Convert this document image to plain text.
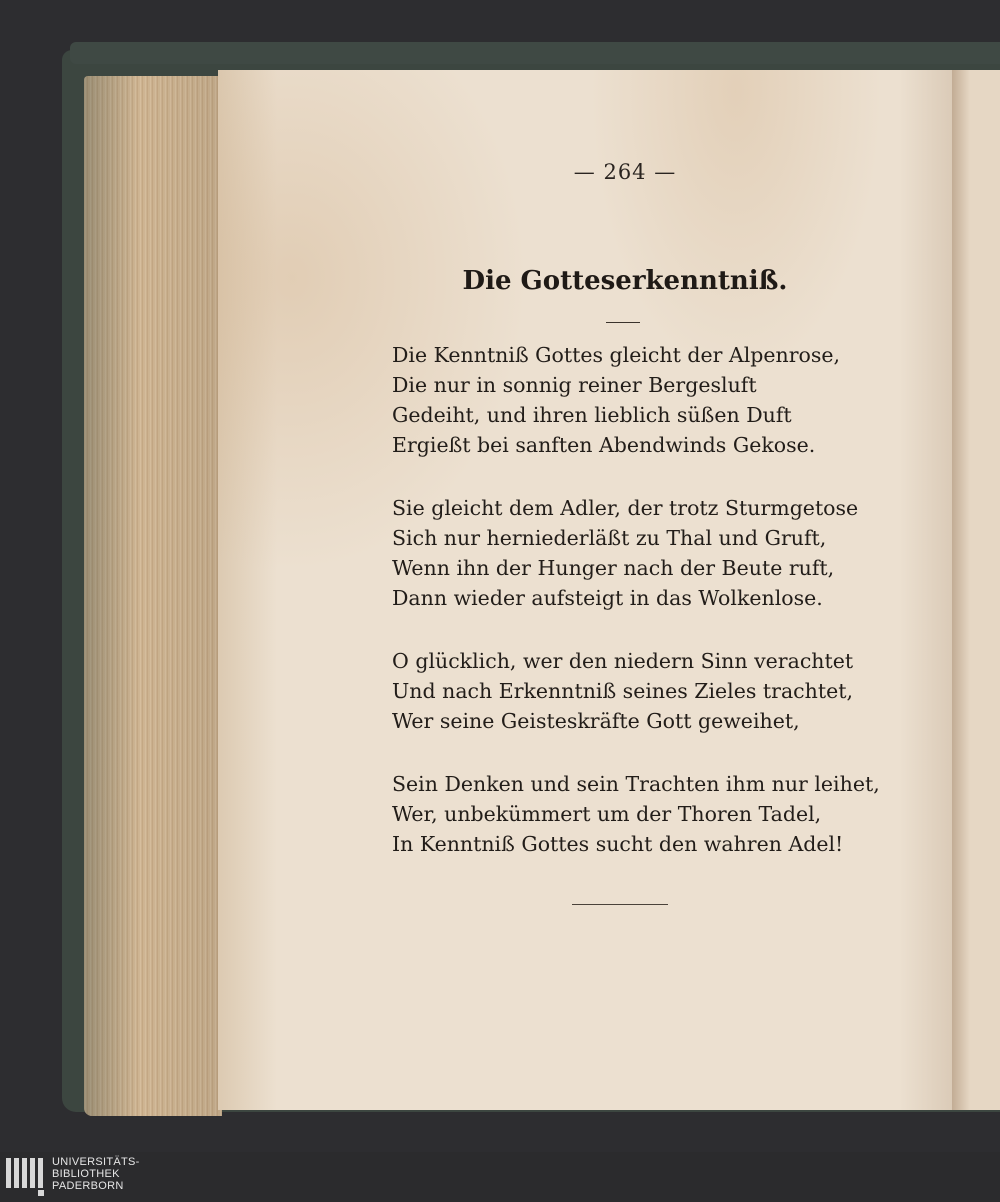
— 264 —
Die Gotteserkenntniß.
Die Kenntniß Gottes gleicht der Alpenrose,
Die nur in sonnig reiner Bergesluft
Gedeiht, und ihren lieblich süßen Duft
Ergießt bei sanften Abendwinds Gekose.
Sie gleicht dem Adler, der trotz Sturmgetose
Sich nur herniederläßt zu Thal und Gruft,
Wenn ihn der Hunger nach der Beute ruft,
Dann wieder aufsteigt in das Wolkenlose.
O glücklich, wer den niedern Sinn verachtet
Und nach Erkenntniß seines Zieles trachtet,
Wer seine Geisteskräfte Gott geweihet,
Sein Denken und sein Trachten ihm nur leihet,
Wer, unbekümmert um der Thoren Tadel,
In Kenntniß Gottes sucht den wahren Adel!
UNIVERSITÄTS-
BIBLIOTHEK
PADERBORN
